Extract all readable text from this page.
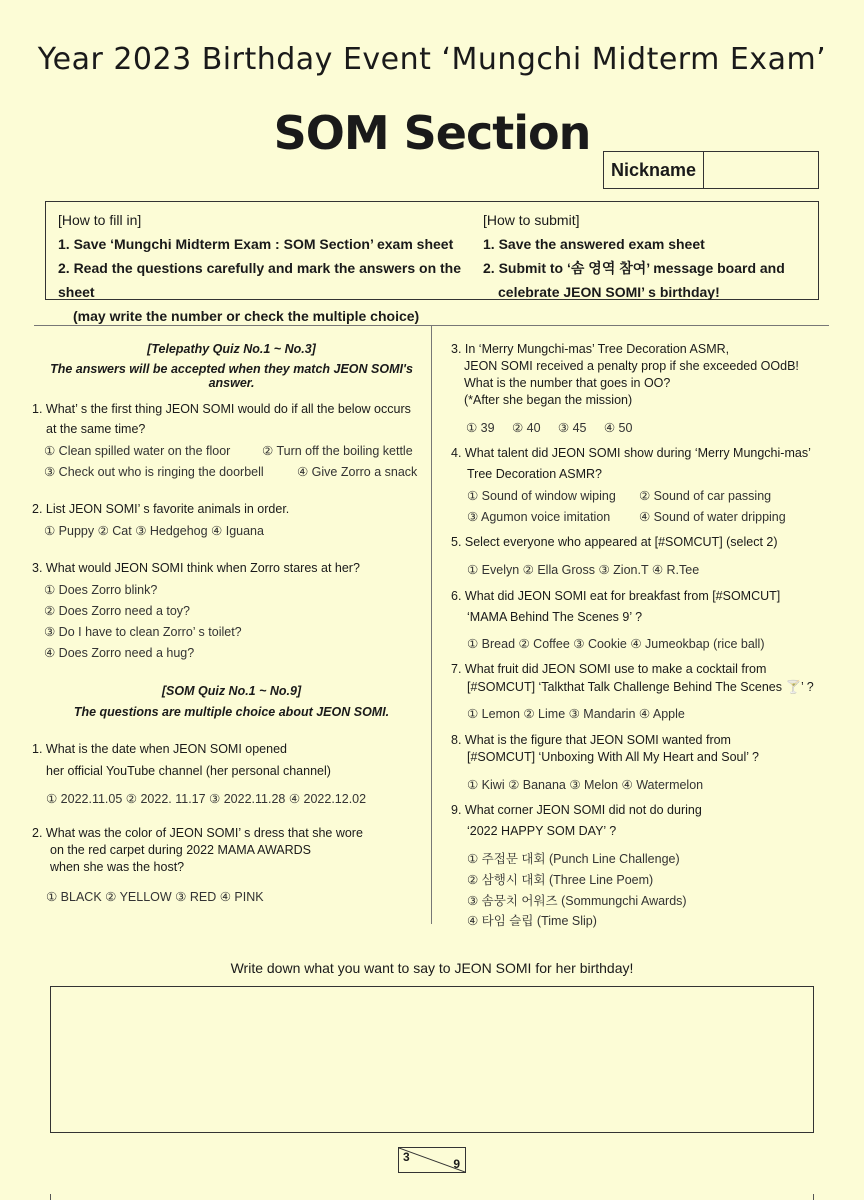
Year 2023 Birthday Event ‘Mungchi Midterm Exam’
SOM Section
Nickname
[How to fill in]
1. Save ‘Mungchi Midterm Exam : SOM Section’ exam sheet
2. Read the questions carefully and mark the answers on the sheet
(may write the number or check the multiple choice)
[How to submit]
1. Save the answered exam sheet
2. Submit to ‘솜 영역 참여’ message board and
celebrate JEON SOMI’ s birthday!
[Telepathy Quiz No.1 ~ No.3]
The answers will be accepted when they match JEON SOMI's answer.
1. What’ s the first thing JEON SOMI would do if all the below occurs
at the same time?
① Clean spilled water on the floor	② Turn off the boiling kettle
③ Check out who is ringing the doorbell	④ Give Zorro a snack
2. List JEON SOMI’ s favorite animals in order.
① Puppy ② Cat ③ Hedgehog ④ Iguana
3. What would JEON SOMI think when Zorro stares at her?
① Does Zorro blink?
② Does Zorro need a toy?
③ Do I have to clean Zorro’ s toilet?
④ Does Zorro need a hug?
[SOM Quiz No.1 ~ No.9]
The questions are multiple choice about JEON SOMI.
1. What is the date when JEON SOMI opened
her official YouTube channel (her personal channel)
① 2022.11.05 ② 2022. 11.17 ③ 2022.11.28 ④ 2022.12.02
2. What was the color of JEON SOMI’ s dress that she wore
on the red carpet during 2022 MAMA AWARDS
when she was the host?
① BLACK ② YELLOW ③ RED ④ PINK
3. In ‘Merry Mungchi-mas’ Tree Decoration ASMR,
JEON SOMI received a penalty prop if she exceeded OOdB!
What is the number that goes in OO?
(*After she began the mission)
① 39     ② 40     ③ 45     ④ 50
4. What talent did JEON SOMI show during ‘Merry Mungchi-mas’
Tree Decoration ASMR?
① Sound of window wiping ② Sound of car passing
③ Agumon voice imitation ④ Sound of water dripping
5. Select everyone who appeared at [#SOMCUT] (select 2)
① Evelyn ② Ella Gross ③ Zion.T ④ R.Tee
6. What did JEON SOMI eat for breakfast from [#SOMCUT]
‘MAMA Behind The Scenes 9’ ?
① Bread ② Coffee ③ Cookie ④ Jumeokbap (rice ball)
7. What fruit did JEON SOMI use to make a cocktail from
[#SOMCUT] ‘Talkthat Talk Challenge Behind The Scenes 🍸’ ?
① Lemon ② Lime ③ Mandarin ④ Apple
8. What is the figure that JEON SOMI wanted from
[#SOMCUT] ‘Unboxing With All My Heart and Soul’ ?
① Kiwi ② Banana ③ Melon ④ Watermelon
9. What corner JEON SOMI did not do during
‘2022 HAPPY SOM DAY’ ?
① 주접문 대회 (Punch Line Challenge)
② 삼행시 대회 (Three Line Poem)
③ 솜뭉치 어워즈 (Sommungchi Awards)
④ 타임 슬립 (Time Slip)
Write down what you want to say to JEON SOMI for her birthday!
3	9
